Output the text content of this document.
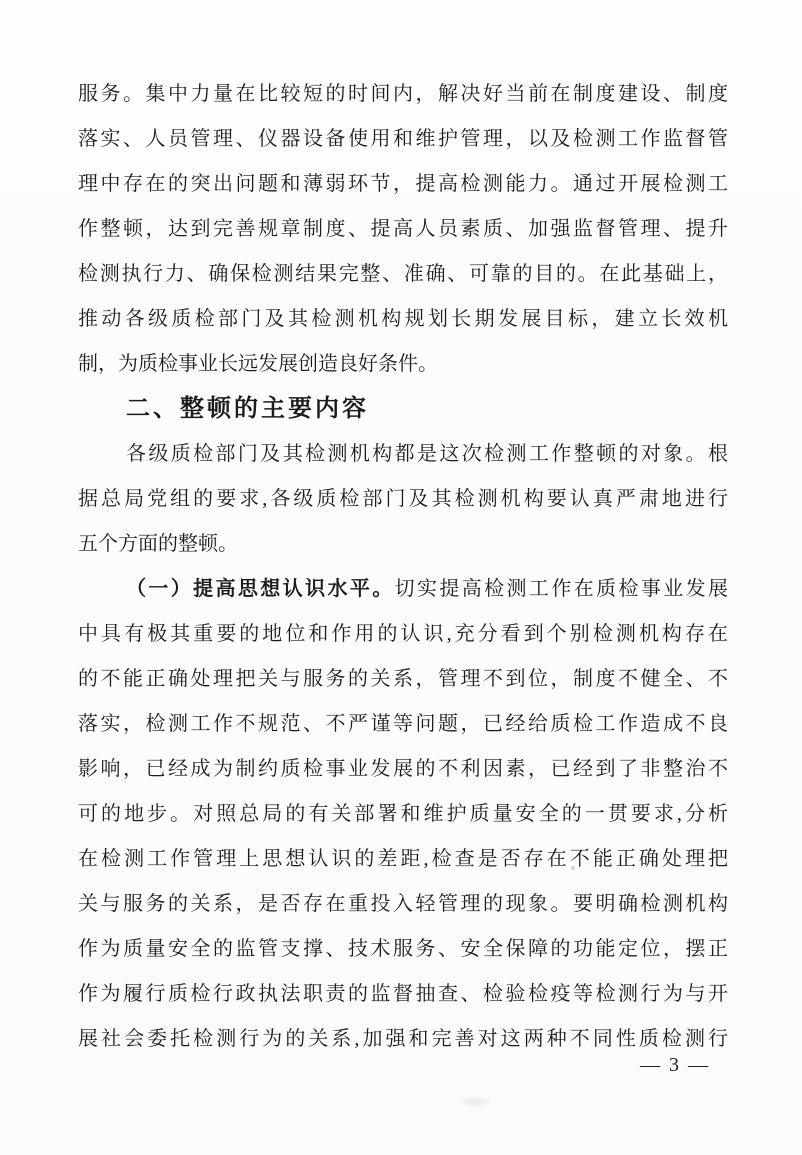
服务。集中力量在比较短的时间内，解决好当前在制度建设、制度
落实、人员管理、仪器设备使用和维护管理，以及检测工作监督管
理中存在的突出问题和薄弱环节，提高检测能力。通过开展检测工
作整顿，达到完善规章制度、提高人员素质、加强监督管理、提升
检测执行力、确保检测结果完整、准确、可靠的目的。在此基础上，
推动各级质检部门及其检测机构规划长期发展目标，建立长效机
制，为质检事业长远发展创造良好条件。
二、整顿的主要内容
各级质检部门及其检测机构都是这次检测工作整顿的对象。根
据总局党组的要求,各级质检部门及其检测机构要认真严肃地进行
五个方面的整顿。
（一）提高思想认识水平。切实提高检测工作在质检事业发展
中具有极其重要的地位和作用的认识,充分看到个别检测机构存在
的不能正确处理把关与服务的关系，管理不到位，制度不健全、不
落实，检测工作不规范、不严谨等问题，已经给质检工作造成不良
影响，已经成为制约质检事业发展的不利因素，已经到了非整治不
可的地步。对照总局的有关部署和维护质量安全的一贯要求,分析
在检测工作管理上思想认识的差距,检查是否存在不能正确处理把
关与服务的关系，是否存在重投入轻管理的现象。要明确检测机构
作为质量安全的监管支撑、技术服务、安全保障的功能定位，摆正
作为履行质检行政执法职责的监督抽查、检验检疫等检测行为与开
展社会委托检测行为的关系,加强和完善对这两种不同性质检测行
— 3 —
